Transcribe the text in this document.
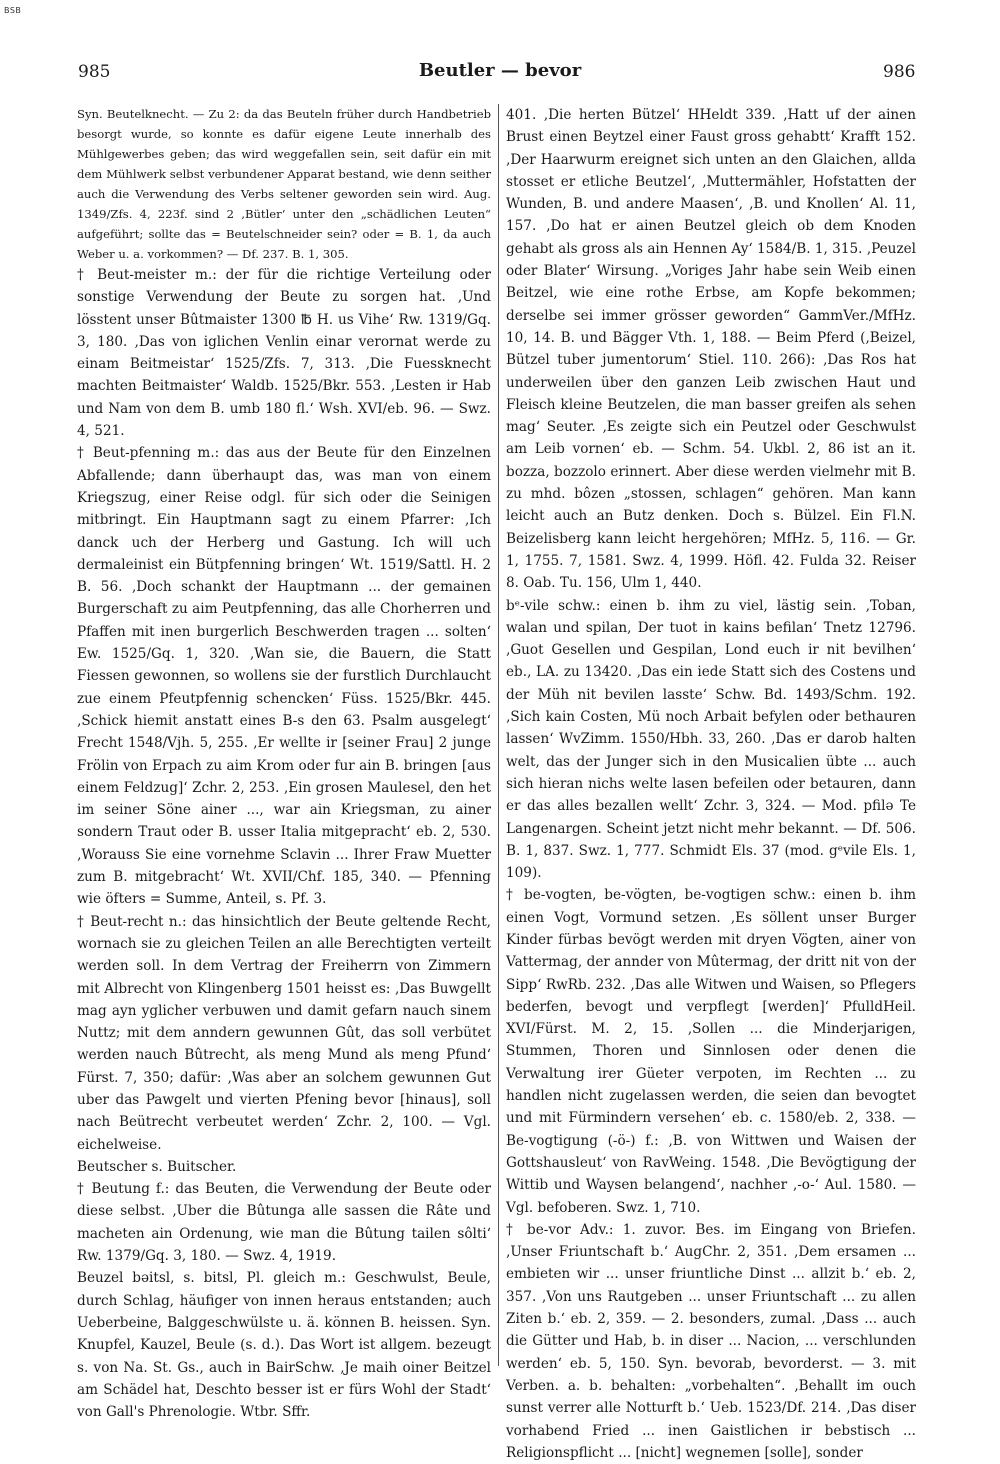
BSB
985	Beutler — bevor	986

Syn. Beutelknecht. — Zu 2: da das Beuteln früher durch Handbetrieb besorgt wurde, so konnte es dafür eigene Leute innerhalb des Mühlgewerbes geben; das wird weggefallen sein, seit dafür ein mit dem Mühlwerk selbst verbundener Apparat bestand, wie denn seither auch die Verwendung des Verbs seltener geworden sein wird. Aug. 1349/Zfs. 4, 223f. sind 2 ‚Bütler‘ unter den „schädlichen Leuten“ aufgeführt; sollte das = Beutelschneider sein? oder = B. 1, da auch Weber u. a. vorkommen? — Df. 237. B. 1, 305.

† Beut-meister m.: der für die richtige Verteilung oder sonstige Verwendung der Beute zu sorgen hat. ‚Und lösstent unser Bûtmaister 1300 ℔ H. us Vihe‘ Rw. 1319/Gq. 3, 180. ‚Das von iglichen Venlin einar verornat werde zu einam Beitmeistar‘ 1525/Zfs. 7, 313. ‚Die Fuessknecht machten Beitmaister‘ Waldb. 1525/Bkr. 553. ‚Lesten ir Hab und Nam von dem B. umb 180 fl.‘ Wsh. XVI/eb. 96. — Swz. 4, 521.

† Beut-pfenning m.: das aus der Beute für den Einzelnen Abfallende; dann überhaupt das, was man von einem Kriegszug, einer Reise odgl. für sich oder die Seinigen mitbringt. Ein Hauptmann sagt zu einem Pfarrer: ‚Ich danck uch der Herberg und Gastung. Ich will uch dermaleinist ein Bütpfenning bringen‘ Wt. 1519/Sattl. H. 2 B. 56. ‚Doch schankt der Hauptmann ... der gemainen Burgerschaft zu aim Peutpfenning, das alle Chorherren und Pfaffen mit inen burgerlich Beschwerden tragen ... solten‘ Ew. 1525/Gq. 1, 320. ‚Wan sie, die Bauern, die Statt Fiessen gewonnen, so wollens sie der furstlich Durchlaucht zue einem Pfeutpfennig schencken‘ Füss. 1525/Bkr. 445. ‚Schick hiemit anstatt eines B-s den 63. Psalm ausgelegt‘ Frecht 1548/Vjh. 5, 255. ‚Er wellte ir [seiner Frau] 2 junge Frölin von Erpach zu aim Krom oder fur ain B. bringen [aus einem Feldzug]‘ Zchr. 2, 253. ‚Ein grosen Maulesel, den het im seiner Söne ainer ..., war ain Kriegsman, zu ainer sondern Traut oder B. usser Italia mitgepracht‘ eb. 2, 530. ‚Worauss Sie eine vornehme Sclavin ... Ihrer Fraw Muetter zum B. mitgebracht‘ Wt. XVII/Chf. 185, 340. — Pfenning wie öfters = Summe, Anteil, s. Pf. 3.

† Beut-recht n.: das hinsichtlich der Beute geltende Recht, wornach sie zu gleichen Teilen an alle Berechtigten verteilt werden soll. In dem Vertrag der Freiherrn von Zimmern mit Albrecht von Klingenberg 1501 heisst es: ‚Das Buwgellt mag ayn yglicher verbuwen und damit gefarn nauch sinem Nuttz; mit dem anndern gewunnen Gût, das soll verbütet werden nauch Bûtrecht, als meng Mund als meng Pfund‘ Fürst. 7, 350; dafür: ‚Was aber an solchem gewunnen Gut uber das Pawgelt und vierten Pfening bevor [hinaus], soll nach Beütrecht verbeutet werden‘ Zchr. 2, 100. — Vgl. eichelweise.

Beutscher s. Buitscher.

† Beutung f.: das Beuten, die Verwendung der Beute oder diese selbst. ‚Uber die Bûtunga alle sassen die Râte und macheten ain Ordenung, wie man die Bûtung tailen sôlti‘ Rw. 1379/Gq. 3, 180. — Swz. 4, 1919.

Beuzel bəitsl, s. bitsl, Pl. gleich m.: Geschwulst, Beule, durch Schlag, häufiger von innen heraus entstanden; auch Ueberbeine, Balggeschwülste u. ä. können B. heissen. Syn. Knupfel, Kauzel, Beule (s. d.). Das Wort ist allgem. bezeugt s. von Na. St. Gs., auch in BairSchw. ‚Je maih oiner Beitzel am Schädel hat, Deschto besser ist er fürs Wohl der Stadt‘ von Gall's Phrenologie. Wtbr. Sffr.

401. ‚Die herten Bützel‘ HHeldt 339. ‚Hatt uf der ainen Brust einen Beytzel einer Faust gross gehabtt‘ Krafft 152. ‚Der Haarwurm ereignet sich unten an den Glaichen, allda stosset er etliche Beutzel‘, ‚Muttermähler, Hofstatten der Wunden, B. und andere Maasen‘, ‚B. und Knollen‘ Al. 11, 157. ‚Do hat er ainen Beutzel gleich ob dem Knoden gehabt als gross als ain Hennen Ay‘ 1584/B. 1, 315. ‚Peuzel oder Blater‘ Wirsung. „Voriges Jahr habe sein Weib einen Beitzel, wie eine rothe Erbse, am Kopfe bekommen; derselbe sei immer grösser geworden“ GammVer./MfHz. 10, 14. B. und Bägger Vth. 1, 188. — Beim Pferd (‚Beizel, Bützel tuber jumentorum‘ Stiel. 110. 266): ‚Das Ros hat underweilen über den ganzen Leib zwischen Haut und Fleisch kleine Beutzelen, die man basser greifen als sehen mag‘ Seuter. ‚Es zeigte sich ein Peutzel oder Geschwulst am Leib vornen‘ eb. — Schm. 54. Ukbl. 2, 86 ist an it. bozza, bozzolo erinnert. Aber diese werden vielmehr mit B. zu mhd. bôzen „stossen, schlagen“ gehören. Man kann leicht auch an Butz denken. Doch s. Bülzel. Ein Fl.N. Beizelisberg kann leicht hergehören; MfHz. 5, 116. — Gr. 1, 1755. 7, 1581. Swz. 4, 1999. Höfl. 42. Fulda 32. Reiser 8. Oab. Tu. 156, Ulm 1, 440.

bᵉ-vile schw.: einen b. ihm zu viel, lästig sein. ‚Toban, walan und spilan, Der tuot in kains befilan‘ Tnetz 12796. ‚Guot Gesellen und Gespilan, Lond euch ir nit bevilhen‘ eb., LA. zu 13420. ‚Das ein iede Statt sich des Costens und der Müh nit bevilen lasste‘ Schw. Bd. 1493/Schm. 192. ‚Sich kain Costen, Mü noch Arbait befylen oder bethauren lassen‘ WvZimm. 1550/Hbh. 33, 260. ‚Das er darob halten welt, das der Junger sich in den Musicalien übte ... auch sich hieran nichs welte lasen befeilen oder betauren, dann er das alles bezallen wellt‘ Zchr. 3, 324. — Mod. pfilə Te Langenargen. Scheint jetzt nicht mehr bekannt. — Df. 506. B. 1, 837. Swz. 1, 777. Schmidt Els. 37 (mod. gᵉvile Els. 1, 109).

† be-vogten, be-vögten, be-vogtigen schw.: einen b. ihm einen Vogt, Vormund setzen. ‚Es söllent unser Burger Kinder fürbas bevögt werden mit dryen Vögten, ainer von Vattermag, der annder von Mûtermag, der dritt nit von der Sipp‘ RwRb. 232. ‚Das alle Witwen und Waisen, so Pflegers bederfen, bevogt und verpflegt [werden]‘ PfulldHeil. XVI/Fürst. M. 2, 15. ‚Sollen ... die Minderjarigen, Stummen, Thoren und Sinnlosen oder denen die Verwaltung irer Güeter verpoten, im Rechten ... zu handlen nicht zugelassen werden, die seien dan bevogtet und mit Fürmindern versehen‘ eb. c. 1580/eb. 2, 338. — Be-vogtigung (-ö-) f.: ‚B. von Wittwen und Waisen der Gottshausleut‘ von RavWeing. 1548. ‚Die Bevögtigung der Wittib und Waysen belangend‘, nachher ‚-o-‘ Aul. 1580. — Vgl. befoberen. Swz. 1, 710.

† be-vor Adv.: 1. zuvor. Bes. im Eingang von Briefen. ‚Unser Friuntschaft b.‘ AugChr. 2, 351. ‚Dem ersamen ... embieten wir ... unser friuntliche Dinst ... allzit b.‘ eb. 2, 357. ‚Von uns Rautgeben ... unser Friuntschaft ... zu allen Ziten b.‘ eb. 2, 359. — 2. besonders, zumal. ‚Dass ... auch die Gütter und Hab, b. in diser ... Nacion, ... verschlunden werden‘ eb. 5, 150. Syn. bevorab, bevorderst. — 3. mit Verben. a. b. behalten: „vorbehalten“. ‚Behallt im ouch sunst verrer alle Notturft b.‘ Ueb. 1523/Df. 214. ‚Das diser vorhabend Fried ... inen Gaistlichen ir bebstisch ... Religionspflicht ... [nicht] wegnemen [solle], sonder
